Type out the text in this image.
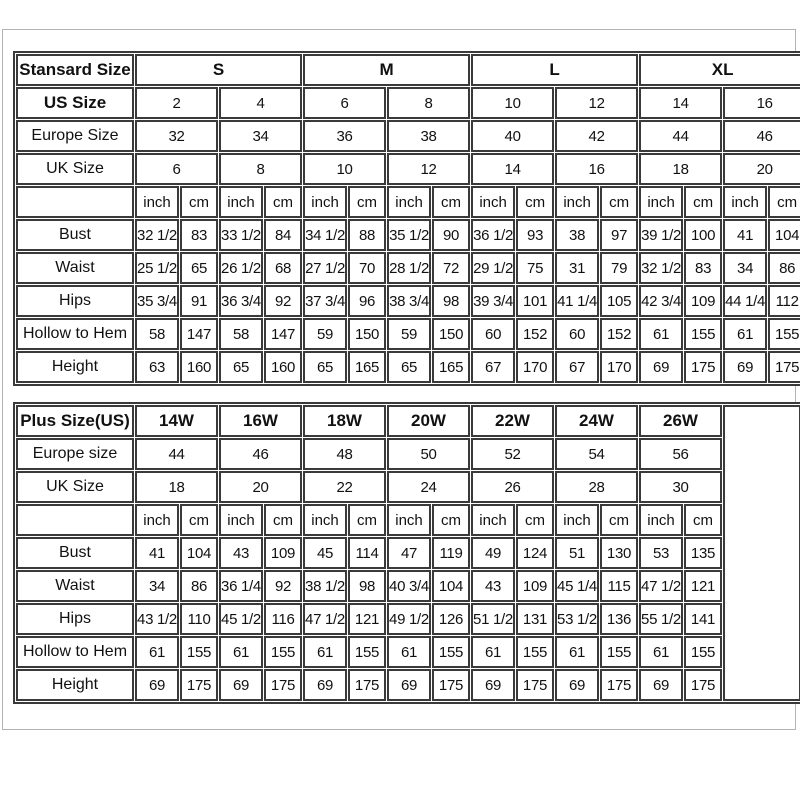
Stansard Size	S				M				L				XL			
US Size	2		4		6		8		10		12		14		16	
Europe Size	32		34		36		38		40		42		44		46	
UK Size	6		8		10		12		14		16		18		20	
	inch	cm	inch	cm	inch	cm	inch	cm	inch	cm	inch	cm	inch	cm	inch	cm
Bust	32 1/2	83	33 1/2	84	34 1/2	88	35 1/2	90	36 1/2	93	38	97	39 1/2	100	41	104
Waist	25 1/2	65	26 1/2	68	27 1/2	70	28 1/2	72	29 1/2	75	31	79	32 1/2	83	34	86
Hips	35 3/4	91	36 3/4	92	37 3/4	96	38 3/4	98	39 3/4	101	41 1/4	105	42 3/4	109	44 1/4	112
Hollow to Hem	58	147	58	147	59	150	59	150	60	152	60	152	61	155	61	155
Height	63	160	65	160	65	165	65	165	67	170	67	170	69	175	69	175
Plus Size(US)	14W		16W		18W		20W		22W		24W		26W		
Europe size	44		46		48		50		52		54		56		
UK Size	18		20		22		24		26		28		30		
	inch	cm	inch	cm	inch	cm	inch	cm	inch	cm	inch	cm	inch	cm	
Bust	41	104	43	109	45	114	47	119	49	124	51	130	53	135	
Waist	34	86	36 1/4	92	38 1/2	98	40 3/4	104	43	109	45 1/4	115	47 1/2	121	
Hips	43 1/2	110	45 1/2	116	47 1/2	121	49 1/2	126	51 1/2	131	53 1/2	136	55 1/2	141	
Hollow to Hem	61	155	61	155	61	155	61	155	61	155	61	155	61	155	
Height	69	175	69	175	69	175	69	175	69	175	69	175	69	175	
